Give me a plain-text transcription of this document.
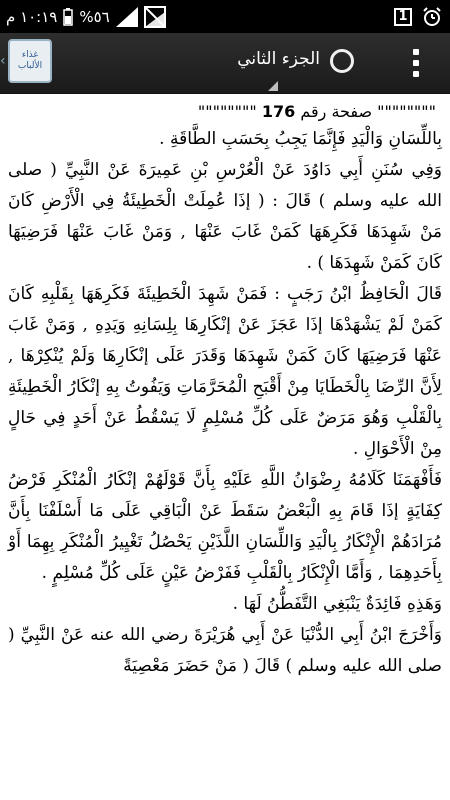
١٠:١٩ م %٥٦	1
‹ غذاء
الألباب	الجزء الثاني
"""""""" صفحة رقم 176 """"""""

بِاللِّسَانِ وَالْيَدِ فَإِنَّمَا يَجِبُ بِحَسَبِ الطَّاقَةِ .

وَفِي سُنَنِ أَبِي دَاوُدَ عَنْ الْعُرْسِ بْنِ عَمِيرَةَ عَنْ النَّبِيِّ ( صلى الله عليه وسلم ) قَالَ : ( إذَا عُمِلَتْ الْخَطِيئَةُ فِي الْأَرْضِ كَانَ مَنْ شَهِدَهَا فَكَرِهَهَا كَمَنْ غَابَ عَنْهَا , وَمَنْ غَابَ عَنْهَا فَرَضِيَهَا كَانَ كَمَنْ شَهِدَهَا ) .

قَالَ الْحَافِظُ ابْنُ رَجَبٍ : فَمَنْ شَهِدَ الْخَطِيئَةَ فَكَرِهَهَا بِقَلْبِهِ كَانَ كَمَنْ لَمْ يَشْهَدْهَا إذَا عَجَزَ عَنْ إنْكَارِهَا بِلِسَانِهِ وَيَدِهِ , وَمَنْ غَابَ عَنْهَا فَرَضِيَهَا كَانَ كَمَنْ شَهِدَهَا وَقَدَرَ عَلَى إنْكَارِهَا وَلَمْ يُنْكِرْهَا , لِأَنَّ الرِّضَا بِالْخَطَايَا مِنْ أَقْبَحِ الْمُحَرَّمَاتِ وَيَفُوتُ بِهِ إنْكَارُ الْخَطِيئَةِ بِالْقَلْبِ وَهُوَ مَرَضٌ عَلَى كُلِّ مُسْلِمٍ لَا يَسْقُطُ عَنْ أَحَدٍ فِي حَالٍ مِنْ الْأَحْوَالِ .

فَأَفْهَمَنَا كَلَامُهُ رِضْوَانُ اللَّهِ عَلَيْهِ بِأَنَّ قَوْلَهُمْ إنْكَارُ الْمُنْكَرِ فَرْضُ كِفَايَةٍ إذَا قَامَ بِهِ الْبَعْضُ سَقَطَ عَنْ الْبَاقِي عَلَى مَا أَسْلَفْنَا بِأَنَّ مُرَادَهُمْ الْإِنْكَارُ بِالْيَدِ وَاللِّسَانِ اللَّذَيْنِ يَحْصُلُ تَغْيِيرُ الْمُنْكَرِ بِهِمَا أَوْ بِأَحَدِهِمَا , وَأَمَّا الْإِنْكَارُ بِالْقَلْبِ فَفَرْضُ عَيْنٍ عَلَى كُلِّ مُسْلِمٍ .

وَهَذِهِ فَائِدَةٌ يَنْبَغِي التَّفَطُّنُ لَهَا .

وَأَخْرَجَ ابْنُ أَبِي الدُّنْيَا عَنْ أَبِي هُرَيْرَةَ رضي الله عنه عَنْ النَّبِيِّ ( صلى الله عليه وسلم ) قَالَ ( مَنْ حَضَرَ مَعْصِيَةً
